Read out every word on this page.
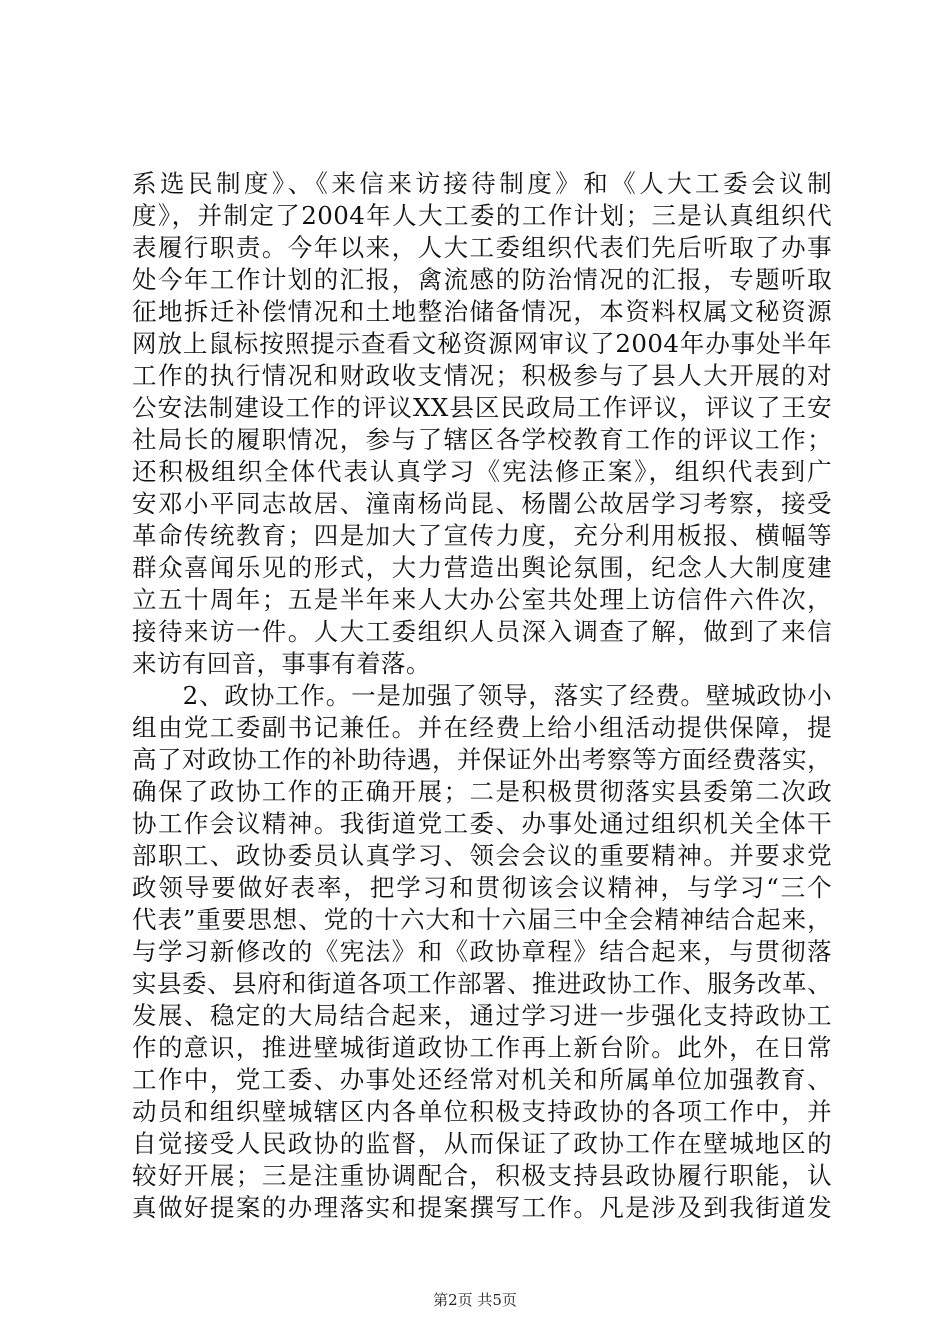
系选民制度》、《来信来访接待制度》和《人大工委会议制
度》，并制定了2004年人大工委的工作计划；三是认真组织代
表履行职责。今年以来，人大工委组织代表们先后听取了办事
处今年工作计划的汇报，禽流感的防治情况的汇报，专题听取
征地拆迁补偿情况和土地整治储备情况，本资料权属文秘资源
网放上鼠标按照提示查看文秘资源网审议了2004年办事处半年
工作的执行情况和财政收支情况；积极参与了县人大开展的对
公安法制建设工作的评议XX县区民政局工作评议，评议了王安
社局长的履职情况，参与了辖区各学校教育工作的评议工作；
还积极组织全体代表认真学习《宪法修正案》，组织代表到广
安邓小平同志故居、潼南杨尚昆、杨闇公故居学习考察，接受
革命传统教育；四是加大了宣传力度，充分利用板报、横幅等
群众喜闻乐见的形式，大力营造出舆论氛围，纪念人大制度建
立五十周年；五是半年来人大办公室共处理上访信件六件次，
接待来访一件。人大工委组织人员深入调查了解，做到了来信
来访有回音，事事有着落。
　　2、政协工作。一是加强了领导，落实了经费。壁城政协小
组由党工委副书记兼任。并在经费上给小组活动提供保障，提
高了对政协工作的补助待遇，并保证外出考察等方面经费落实，
确保了政协工作的正确开展；二是积极贯彻落实县委第二次政
协工作会议精神。我街道党工委、办事处通过组织机关全体干
部职工、政协委员认真学习、领会会议的重要精神。并要求党
政领导要做好表率，把学习和贯彻该会议精神，与学习“三个
代表”重要思想、党的十六大和十六届三中全会精神结合起来，
与学习新修改的《宪法》和《政协章程》结合起来，与贯彻落
实县委、县府和街道各项工作部署、推进政协工作、服务改革、
发展、稳定的大局结合起来，通过学习进一步强化支持政协工
作的意识，推进壁城街道政协工作再上新台阶。此外，在日常
工作中，党工委、办事处还经常对机关和所属单位加强教育、
动员和组织壁城辖区内各单位积极支持政协的各项工作中，并
自觉接受人民政协的监督，从而保证了政协工作在壁城地区的
较好开展；三是注重协调配合，积极支持县政协履行职能，认
真做好提案的办理落实和提案撰写工作。凡是涉及到我街道发
第2页 共5页
